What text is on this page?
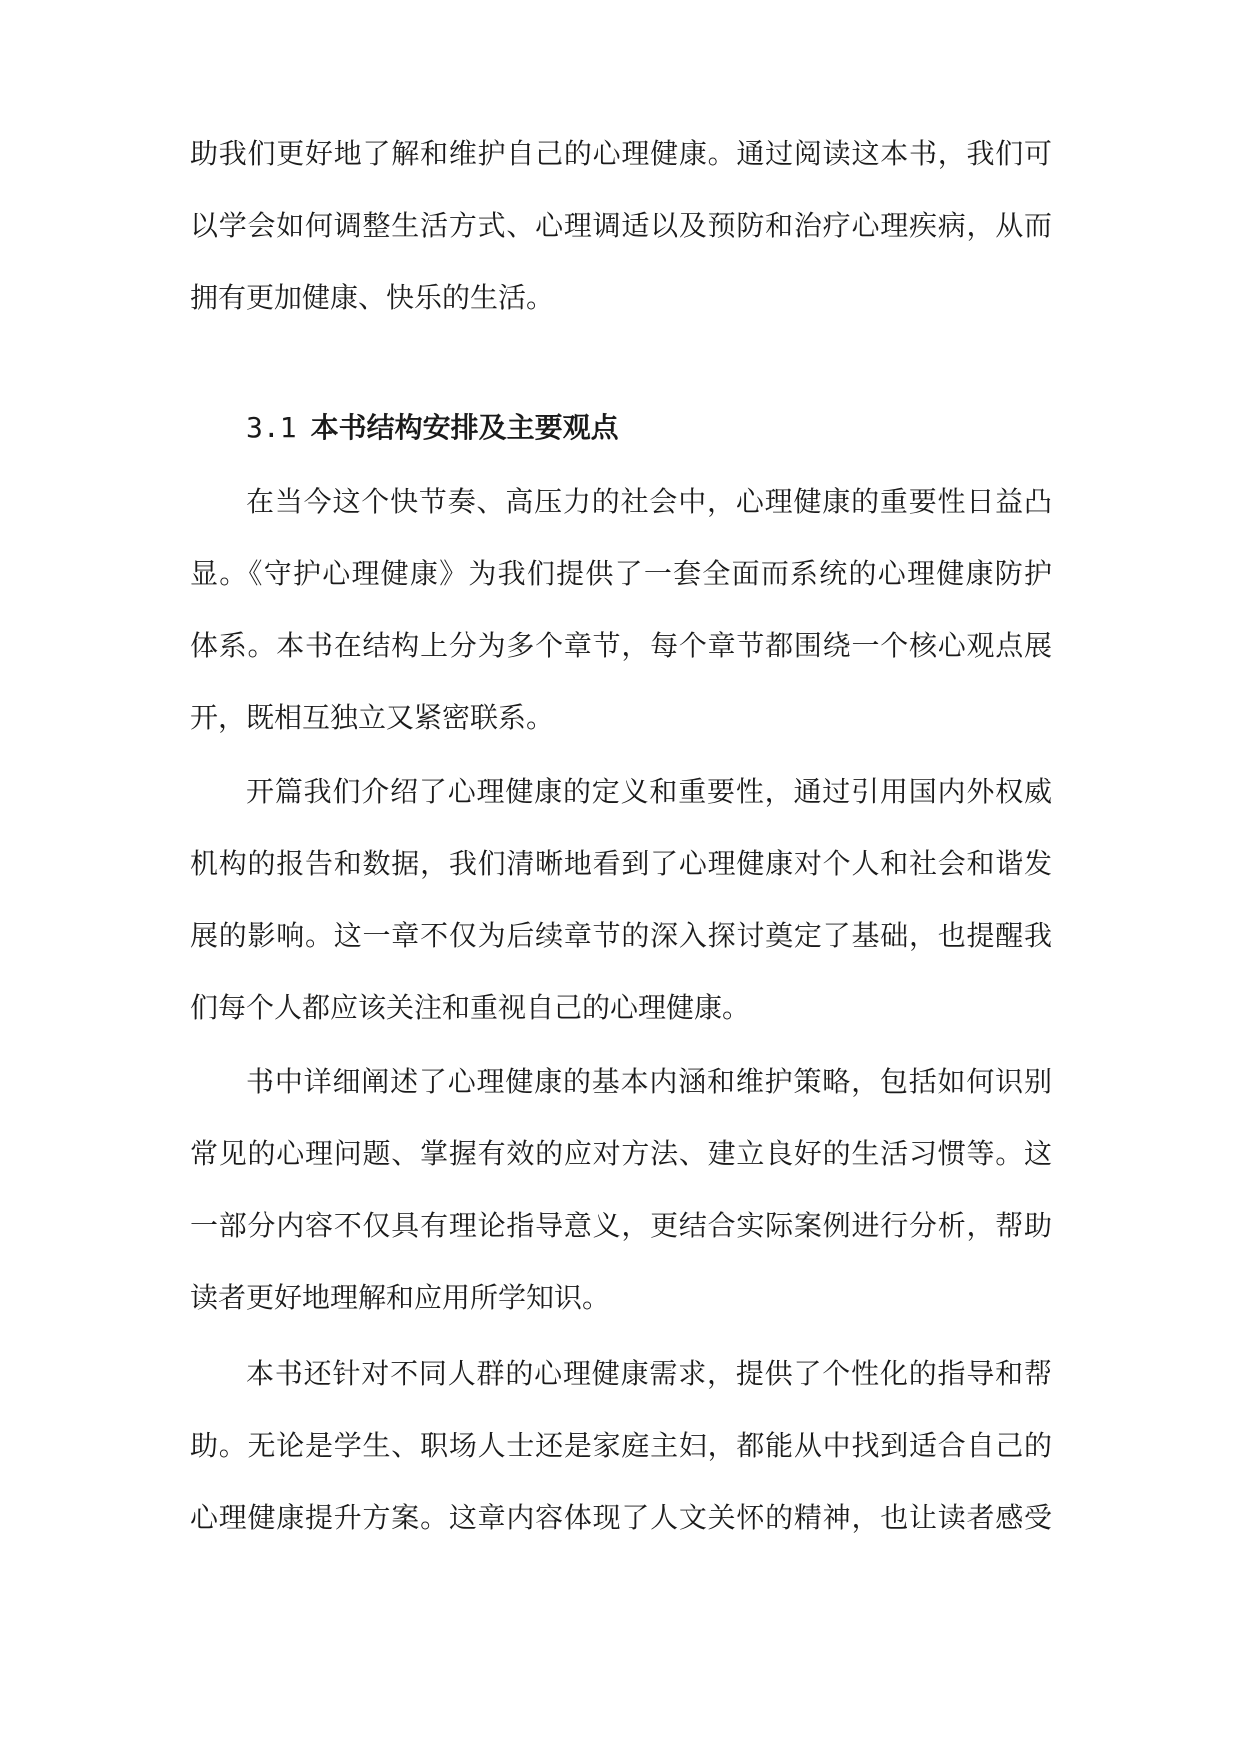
助我们更好地了解和维护自己的心理健康。通过阅读这本书，我们可
以学会如何调整生活方式、心理调适以及预防和治疗心理疾病，从而
拥有更加健康、快乐的生活。
3.1 本书结构安排及主要观点
在当今这个快节奏、高压力的社会中，心理健康的重要性日益凸
显。《守护心理健康》为我们提供了一套全面而系统的心理健康防护
体系。本书在结构上分为多个章节，每个章节都围绕一个核心观点展
开，既相互独立又紧密联系。
开篇我们介绍了心理健康的定义和重要性，通过引用国内外权威
机构的报告和数据，我们清晰地看到了心理健康对个人和社会和谐发
展的影响。这一章不仅为后续章节的深入探讨奠定了基础，也提醒我
们每个人都应该关注和重视自己的心理健康。
书中详细阐述了心理健康的基本内涵和维护策略，包括如何识别
常见的心理问题、掌握有效的应对方法、建立良好的生活习惯等。这
一部分内容不仅具有理论指导意义，更结合实际案例进行分析，帮助
读者更好地理解和应用所学知识。
本书还针对不同人群的心理健康需求，提供了个性化的指导和帮
助。无论是学生、职场人士还是家庭主妇，都能从中找到适合自己的
心理健康提升方案。这章内容体现了人文关怀的精神，也让读者感受
